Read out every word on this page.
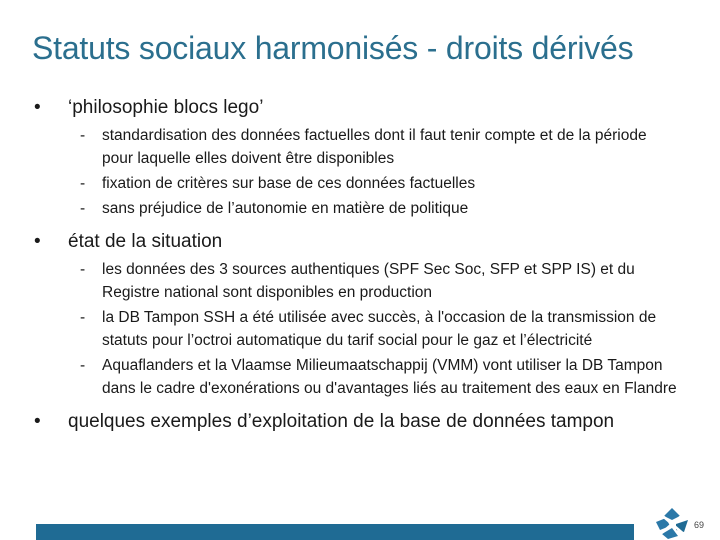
Statuts sociaux harmonisés - droits dérivés
•	‘philosophie blocs lego’
-	standardisation des données factuelles dont il faut tenir compte et de la période pour laquelle elles doivent être disponibles
-	fixation de critères sur base de ces données factuelles
-	sans préjudice de l’autonomie en matière de politique
•	état de la situation
-	les données des 3 sources authentiques (SPF Sec Soc, SFP et SPP IS) et du Registre national sont disponibles en production
-	la DB Tampon SSH a été utilisée avec succès, à l'occasion de la transmission de statuts pour l’octroi automatique du tarif social pour le gaz et l’électricité
-	Aquaflanders et la Vlaamse Milieumaatschappij (VMM) vont utiliser la DB Tampon dans le cadre d'exonérations ou d'avantages liés au traitement des eaux en Flandre
•	quelques exemples d’exploitation de la base de données tampon
69
